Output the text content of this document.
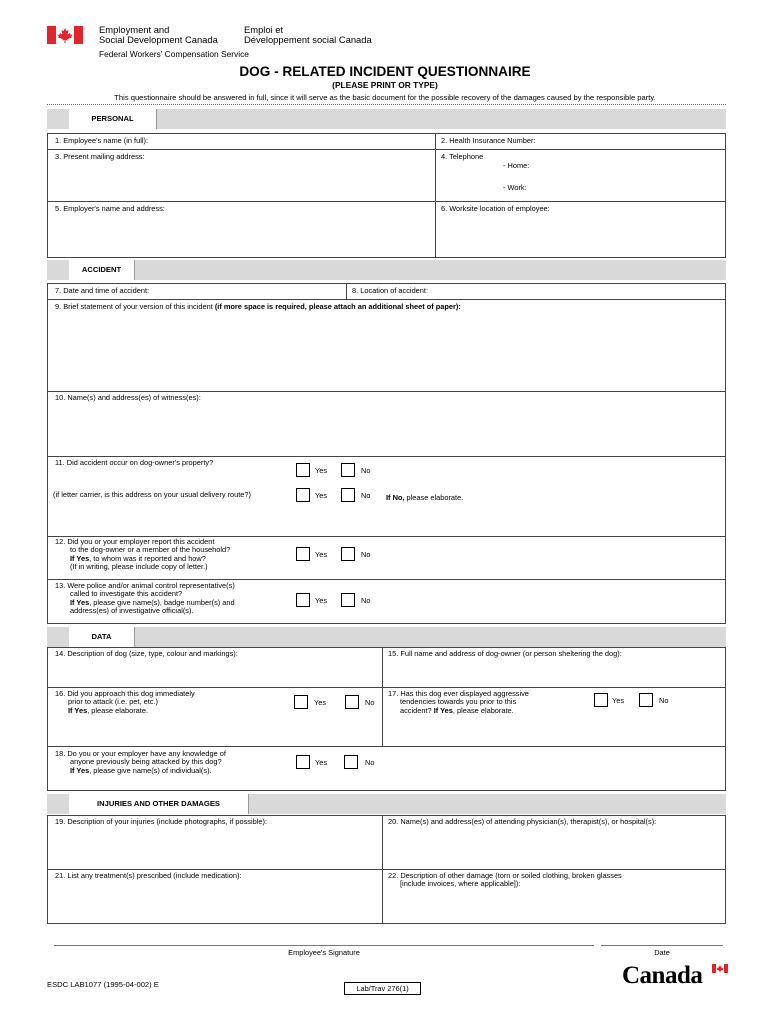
Employment and
Social Development Canada
Emploi et
Développement social Canada
Federal Workers' Compensation Service
DOG - RELATED INCIDENT QUESTIONNAIRE
(PLEASE PRINT OR TYPE)
This questionnaire should be answered in full, since it will serve as the basic document for the possible recovery of the damages caused by the responsible party.
PERSONAL
1. Employee's name (in full):	2. Health Insurance Number:
3. Present mailing address:	4. Telephone
- Home:
- Work:
5. Employer's name and address:	6. Worksite location of employee:
ACCIDENT
7. Date and time of accident:	8. Location of accident:
9. Brief statement of your version of this incident (if more space is required, please attach an additional sheet of paper):
10. Name(s) and address(es) of witness(es):
11. Did accident occur on dog-owner's property?
Yes	No
(if letter carrier, is this address on your usual delivery route?)	Yes	No If No, please elaborate.
12. Did you or your employer report this accident
to the dog-owner or a member of the household?
If Yes, to whom was it reported and how?
(If in writing, please include copy of letter.)
Yes	No
13. Were police and/or animal control representative(s)
called to investigate this accident?
If Yes, please give name(s), badge number(s) and
address(es) of investigative official(s).
Yes	No
DATA
14. Description of dog (size, type, colour and markings):	15. Full name and address of dog-owner (or person sheltering the dog):
16. Did you approach this dog immediately
prior to attack (i.e. pet, etc.)
If Yes, please elaborate.
Yes	No
17. Has this dog ever displayed aggressive
tendencies towards you prior to this
accident? If Yes, please elaborate.
Yes	No
18. Do you or your employer have any knowledge of
anyone previously being attacked by this dog?
If Yes, please give name(s) of individual(s).
Yes	No
INJURIES AND OTHER DAMAGES
19. Description of your injuries (include photographs, if possible):	20. Name(s) and address(es) of attending physician(s), therapist(s), or hospital(s):
21. List any treatment(s) prescribed (include medication):	22. Description of other damage (torn or soiled clothing, broken glasses
[include invoices, where applicable]):
Employee's Signature	Date
ESDC LAB1077 (1995-04-002) E	Lab/Trav 276(1)	Canada
